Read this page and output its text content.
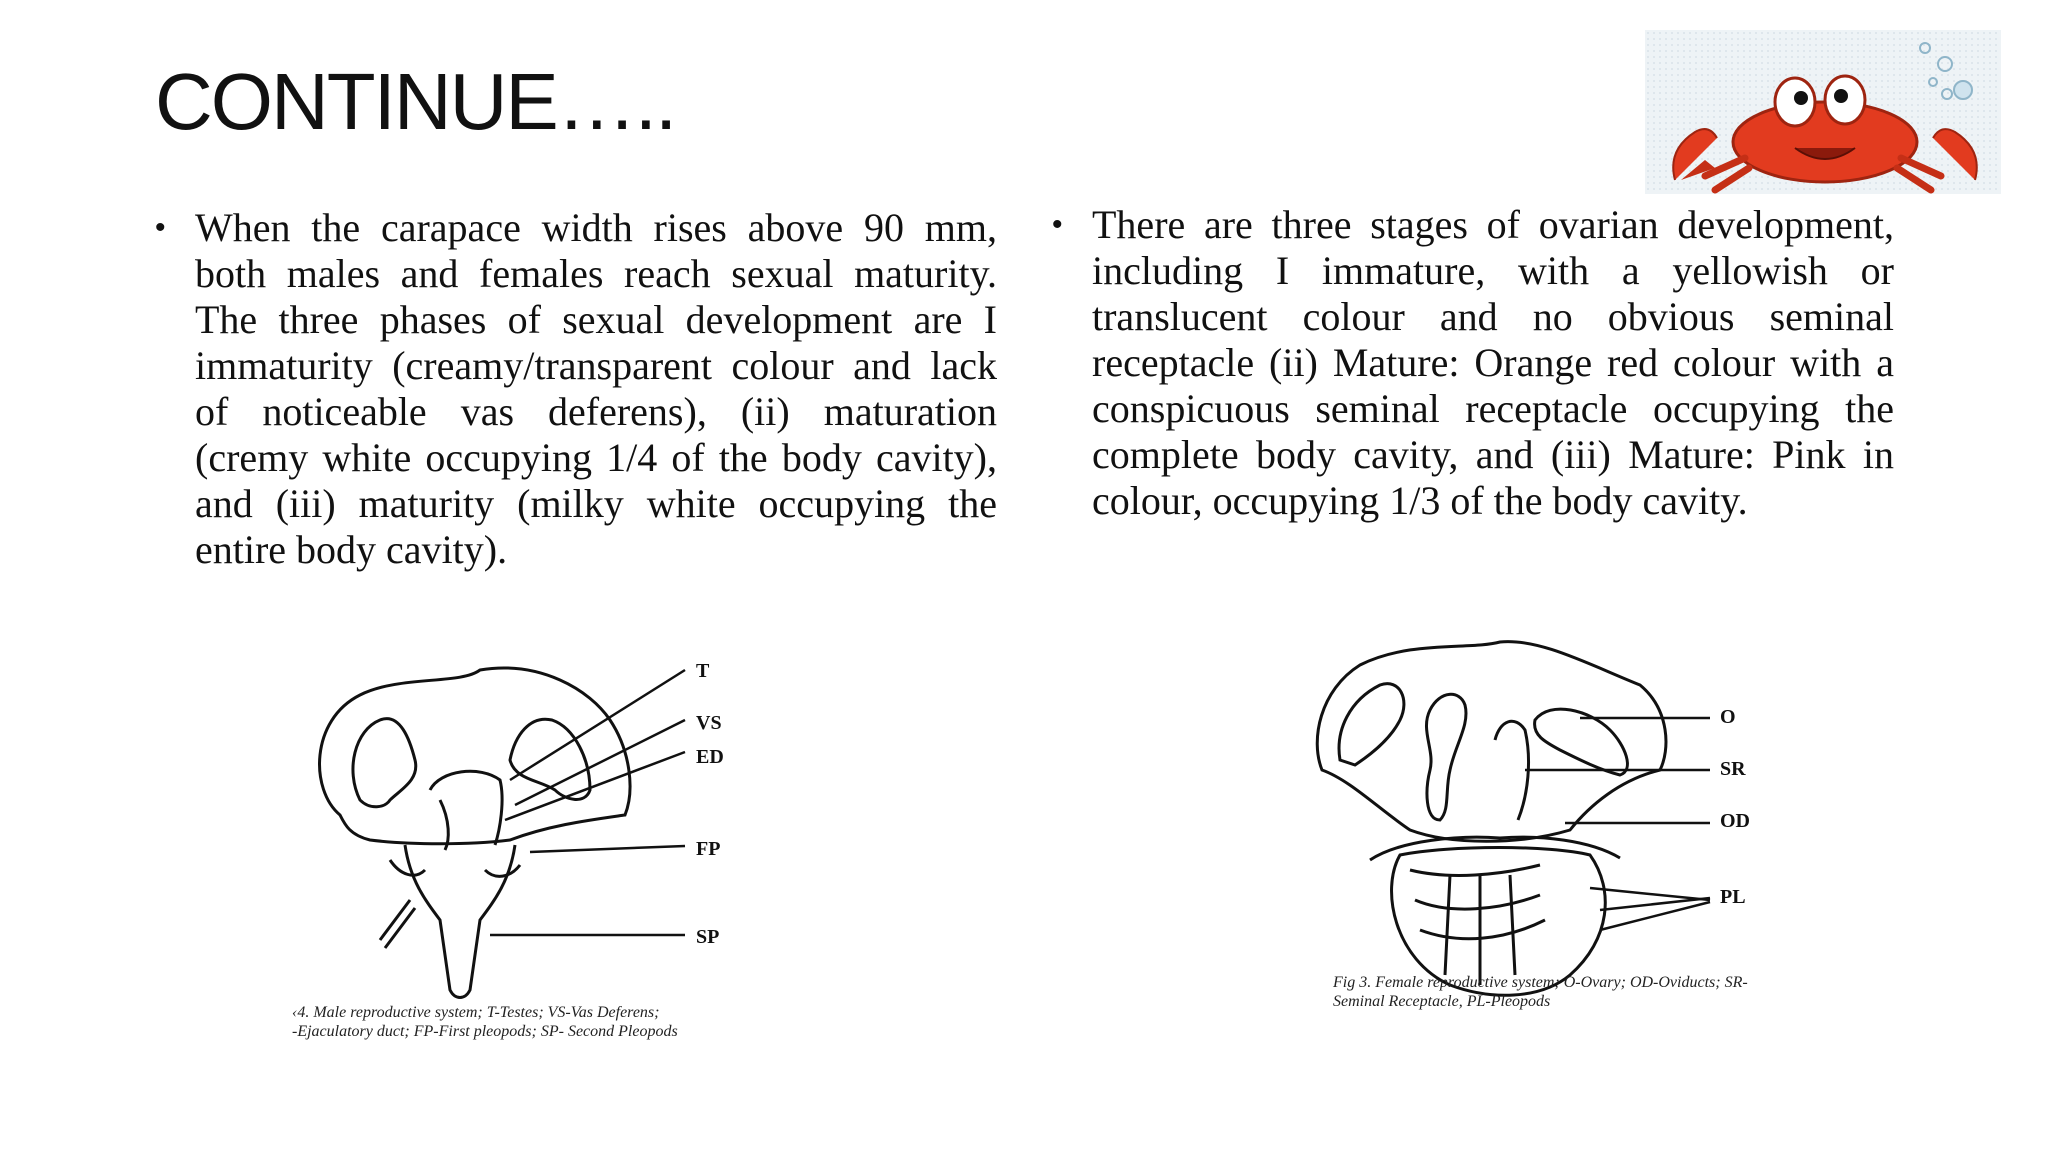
CONTINUE…..
• When the carapace width rises above 90 mm, both males and females reach sexual maturity. The three phases of sexual development are I immaturity (creamy/transparent colour and lack of noticeable vas deferens), (ii) maturation (cremy white occupying 1/4 of the body cavity), and (iii) maturity (milky white occupying the entire body cavity).
• There are three stages of ovarian development, including I immature, with a yellowish or translucent colour and no obvious seminal receptacle (ii) Mature: Orange red colour with a conspicuous seminal receptacle occupying the complete body cavity, and (iii) Mature: Pink in colour, occupying 1/3 of the body cavity.
T
VS
ED
FP
SP
‹4. Male reproductive system; T-Testes; VS-Vas Deferens;
-Ejaculatory duct; FP-First pleopods; SP- Second Pleopods
O
SR
OD
PL
Fig 3. Female reproductive system; O-Ovary; OD-Oviducts; SR-
Seminal Receptacle, PL-Pleopods
